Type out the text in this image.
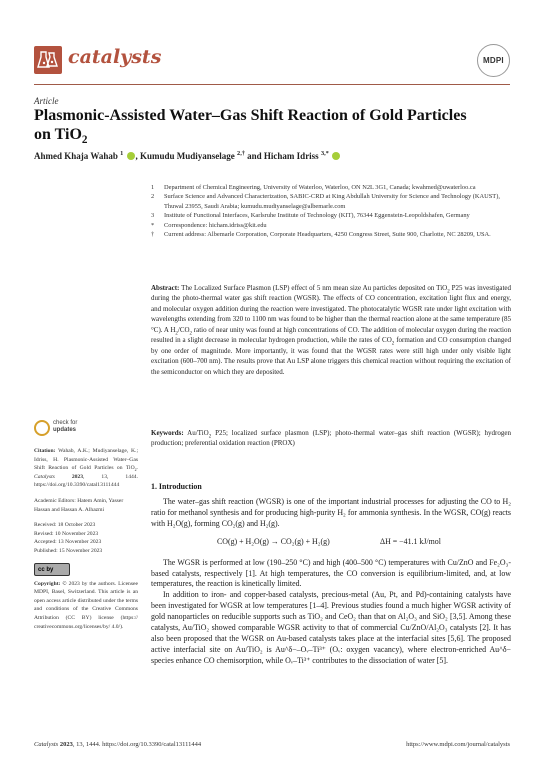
catalysts	MDPI
Article
Plasmonic-Assisted Water–Gas Shift Reaction of Gold Particles
on TiO$_2$
Ahmed Khaja Wahab $^1$ , Kumudu Mudiyanselage $^{2,\dagger}$ and Hicham Idriss $^{3,*}$
1 Department of Chemical Engineering, University of Waterloo, Waterloo, ON N2L 3G1, Canada; kwahmed@uwaterloo.ca
2 Surface Science and Advanced Characterization, SABIC-CRD at King Abdullah University for Science and Technology (KAUST), Thuwal 23955, Saudi Arabia; kumudu.mudiyanselage@albemarle.com
3 Institute of Functional Interfaces, Karlsruhe Institute of Technology (KIT), 76344 Eggenstein-Leopoldshafen, Germany
* Correspondence: hicham.idriss@kit.edu
† Current address: Albemarle Corporation, Corporate Headquarters, 4250 Congress Street, Suite 900, Charlotte, NC 28209, USA.
Abstract: The Localized Surface Plasmon (LSP) effect of 5 nm mean size Au particles deposited on TiO$_2$ P25 was investigated during the photo-thermal water gas shift reaction (WGSR). The effects of CO concentration, excitation light flux and energy, and molecular oxygen addition during the reaction were investigated. The photocatalytic WGSR rate under light excitation with wavelengths extending from 320 to 1100 nm was found to be higher than the thermal reaction alone at the same temperature (85 °C). A $H_2/CO_2$ ratio of near unity was found at high concentrations of CO. The addition of molecular oxygen during the reaction resulted in a slight decrease in molecular hydrogen production, while the rates of $CO_2$ formation and CO consumption changed by one order of magnitude. More importantly, it was found that the WGSR rates were still high under only visible light excitation (600–700 nm). The results prove that Au LSP alone triggers this chemical reaction without requiring the excitation of the semiconductor on which they are deposited.
Keywords: Au/TiO$_2$ P25; localized surface plasmon (LSP); photo-thermal water–gas shift reaction (WGSR); hydrogen production; preferential oxidation reaction (PROX)
check for
updates
Citation: Wahab, A.K.; Mudiyanselage, K.; Idriss, H. Plasmonic-Assisted Water–Gas Shift Reaction of Gold Particles on TiO$_2$. Catalysts 2023, 13, 1444. https://doi.org/10.3390/catal13111444
Academic Editors: Hatem Amin, Yasser Hassan and Hassan A. Alhazmi
Received: 18 October 2023
Revised: 10 November 2023
Accepted: 13 November 2023
Published: 15 November 2023
cc by
Copyright: © 2023 by the authors. Licensee MDPI, Basel, Switzerland. This article is an open access article distributed under the terms and conditions of the Creative Commons Attribution (CC BY) license (https:// creativecommons.org/licenses/by/ 4.0/).
1. Introduction
The water–gas shift reaction (WGSR) is one of the important industrial processes for adjusting the CO to H₂ ratio for methanol synthesis and for producing high-purity H₂ for ammonia synthesis. In the WGSR, CO(g) reacts with H₂O(g), forming CO₂(g) and H₂(g).
CO(g) + H₂O(g) → CO₂(g) + H₂(g)	ΔH = −41.1 kJ/mol
The WGSR is performed at low (190–250 °C) and high (400–500 °C) temperatures with Cu/ZnO and Fe₂O₃-based catalysts, respectively [1]. At high temperatures, the CO conversion is equilibrium-limited, and, at low temperatures, the reaction is kinetically limited.
In addition to iron- and copper-based catalysts, precious-metal (Au, Pt, and Pd)-containing catalysts have been investigated for WGSR at low temperatures [1–4]. Previous studies found a much higher WGSR activity of gold nanoparticles on reducible supports such as TiO₂ and CeO₂ than that on Al₂O₃ and SiO₂ [3,5]. Among these catalysts, Au/TiO₂ showed comparable WGSR activity to that of commercial Cu/ZnO/Al₂O₃ catalysts [2]. It has also been proposed that the WGSR on Au-based catalysts takes place at the interfacial sites [5,6]. The proposed active interfacial site on Au/TiO₂ is Au^δ−–Oᵥ–Ti³⁺ (Oᵥ: oxygen vacancy), where electron-enriched Au^δ− species enhance CO chemisorption, while Oᵥ–Ti³⁺ contributes to the dissociation of water [5].
Catalysts 2023, 13, 1444. https://doi.org/10.3390/catal13111444	https://www.mdpi.com/journal/catalysts
